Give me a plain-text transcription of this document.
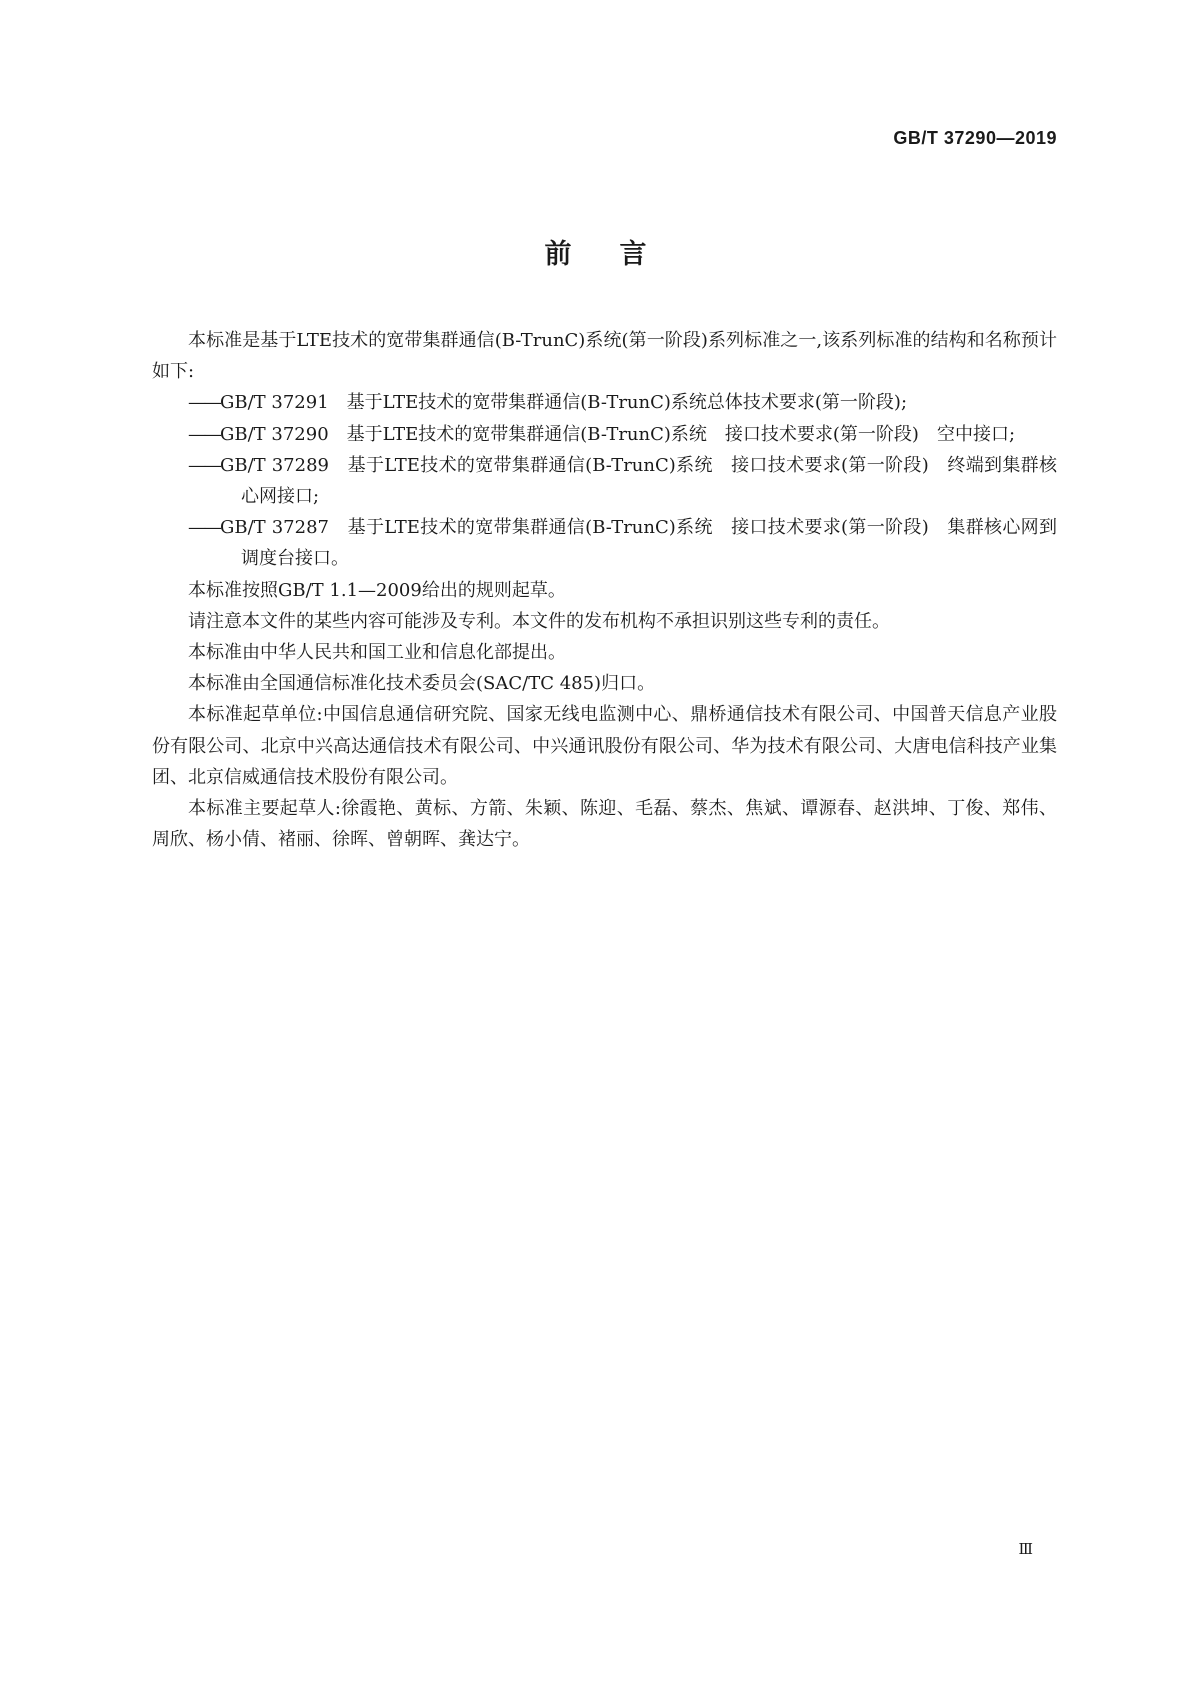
GB/T 37290—2019
前言

本标准是基于LTE技术的宽带集群通信(B-TrunC)系统(第一阶段)系列标准之一,该系列标准的结构和名称预计如下:

——GB/T 37291　基于LTE技术的宽带集群通信(B-TrunC)系统总体技术要求(第一阶段);

——GB/T 37290　基于LTE技术的宽带集群通信(B-TrunC)系统　接口技术要求(第一阶段)　空中接口;

——GB/T 37289　基于LTE技术的宽带集群通信(B-TrunC)系统　接口技术要求(第一阶段)　终端到集群核心网接口;

——GB/T 37287　基于LTE技术的宽带集群通信(B-TrunC)系统　接口技术要求(第一阶段)　集群核心网到调度台接口。

本标准按照GB/T 1.1—2009给出的规则起草。

请注意本文件的某些内容可能涉及专利。本文件的发布机构不承担识别这些专利的责任。

本标准由中华人民共和国工业和信息化部提出。

本标准由全国通信标准化技术委员会(SAC/TC 485)归口。

本标准起草单位:中国信息通信研究院、国家无线电监测中心、鼎桥通信技术有限公司、中国普天信息产业股份有限公司、北京中兴高达通信技术有限公司、中兴通讯股份有限公司、华为技术有限公司、大唐电信科技产业集团、北京信威通信技术股份有限公司。

本标准主要起草人:徐霞艳、黄标、方箭、朱颖、陈迎、毛磊、蔡杰、焦斌、谭源春、赵洪坤、丁俊、郑伟、周欣、杨小倩、褚丽、徐晖、曾朝晖、龚达宁。

Ⅲ
